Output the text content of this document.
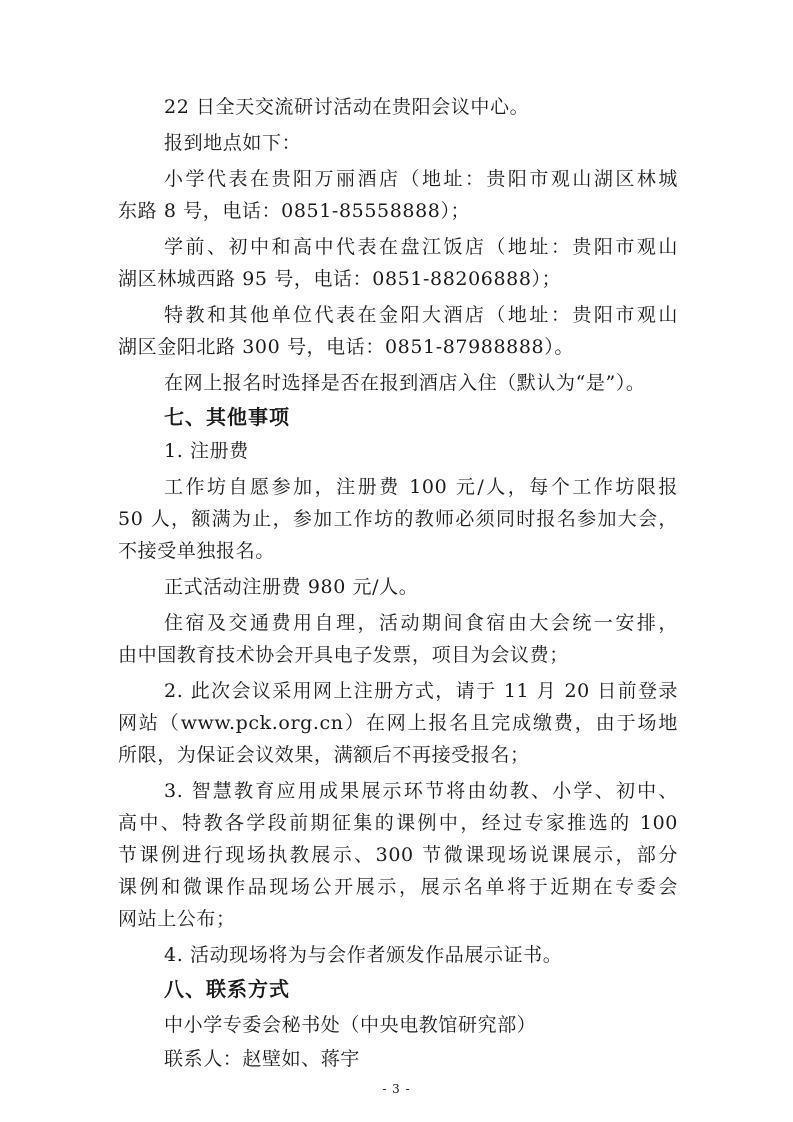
22 日全天交流研讨活动在贵阳会议中心。
报到地点如下：
小学代表在贵阳万丽酒店（地址：贵阳市观山湖区林城
东路 8 号，电话：0851-85558888）；
学前、初中和高中代表在盘江饭店（地址：贵阳市观山
湖区林城西路 95 号，电话：0851-88206888）；
特教和其他单位代表在金阳大酒店（地址：贵阳市观山
湖区金阳北路 300 号，电话：0851-87988888）。
在网上报名时选择是否在报到酒店入住（默认为“是”）。
七、其他事项
1. 注册费
工作坊自愿参加，注册费 100 元/人，每个工作坊限报
50 人，额满为止，参加工作坊的教师必须同时报名参加大会，
不接受单独报名。
正式活动注册费 980 元/人。
住宿及交通费用自理，活动期间食宿由大会统一安排，
由中国教育技术协会开具电子发票，项目为会议费；
2. 此次会议采用网上注册方式，请于 11 月 20 日前登录
网站（www.pck.org.cn）在网上报名且完成缴费，由于场地
所限，为保证会议效果，满额后不再接受报名；
3. 智慧教育应用成果展示环节将由幼教、小学、初中、
高中、特教各学段前期征集的课例中，经过专家推选的 100
节课例进行现场执教展示、300 节微课现场说课展示，部分
课例和微课作品现场公开展示，展示名单将于近期在专委会
网站上公布；
4. 活动现场将为与会作者颁发作品展示证书。
八、联系方式
中小学专委会秘书处（中央电教馆研究部）
联系人：赵壁如、蒋宇
- 3 -
